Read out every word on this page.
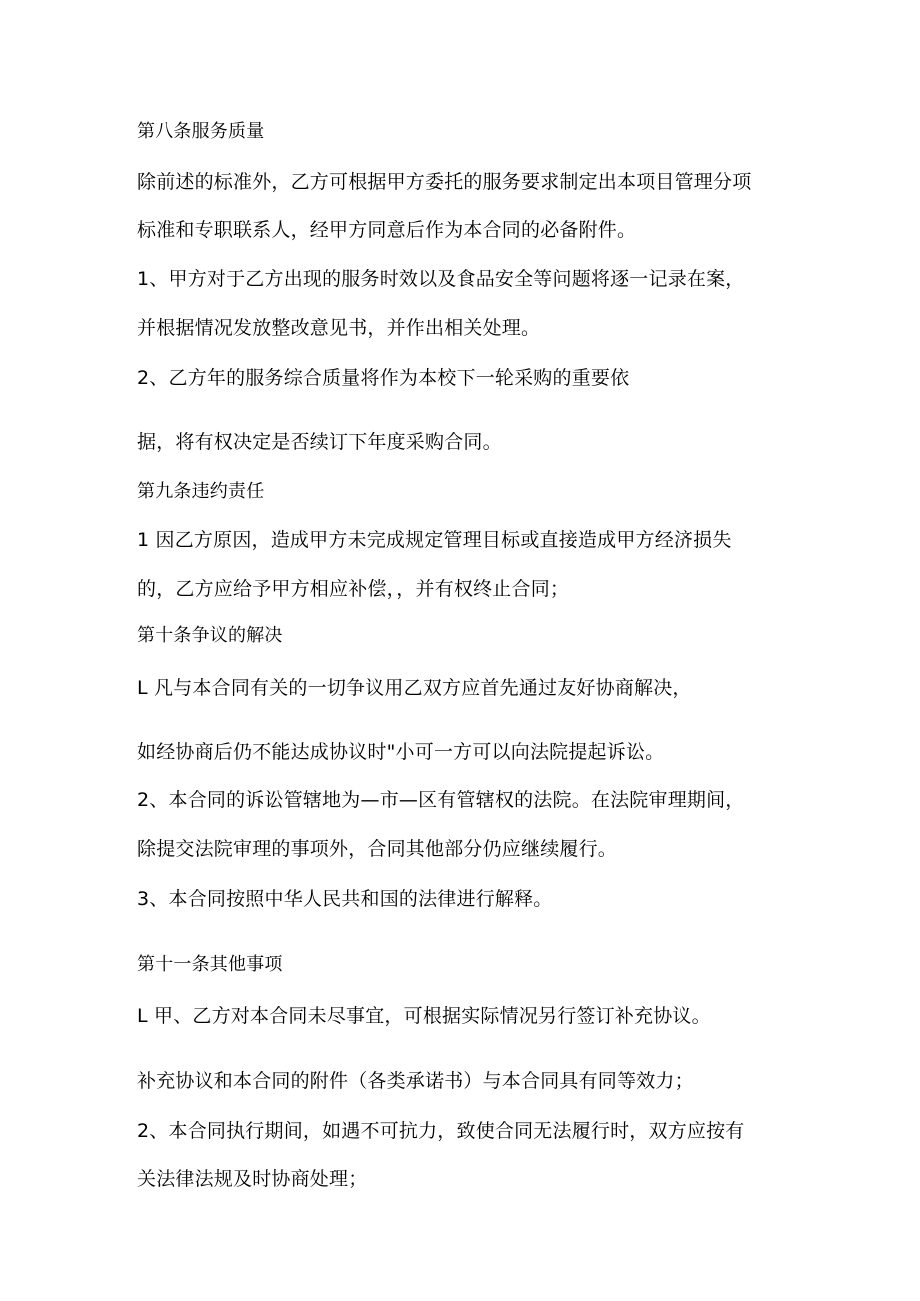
第八条服务质量
除前述的标准外，乙方可根据甲方委托的服务要求制定出本项目管理分项
标准和专职联系人，经甲方同意后作为本合同的必备附件。
1、甲方对于乙方出现的服务时效以及食品安全等问题将逐一记录在案，
并根据情况发放整改意见书，并作出相关处理。
2、乙方年的服务综合质量将作为本校下一轮采购的重要依
据，将有权决定是否续订下年度采购合同。
第九条违约责任
1 因乙方原因，造成甲方未完成规定管理目标或直接造成甲方经济损失
的，乙方应给予甲方相应补偿，，并有权终止合同；
第十条争议的解决
L 凡与本合同有关的一切争议用乙双方应首先通过友好协商解决，
如经协商后仍不能达成协议时"小可一方可以向法院提起诉讼。
2、本合同的诉讼管辖地为—市—区有管辖权的法院。在法院审理期间，
除提交法院审理的事项外，合同其他部分仍应继续履行。
3、本合同按照中华人民共和国的法律进行解释。
第十一条其他事项
L 甲、乙方对本合同未尽事宜，可根据实际情况另行签订补充协议。
补充协议和本合同的附件（各类承诺书）与本合同具有同等效力；
2、本合同执行期间，如遇不可抗力，致使合同无法履行时，双方应按有
关法律法规及时协商处理；
